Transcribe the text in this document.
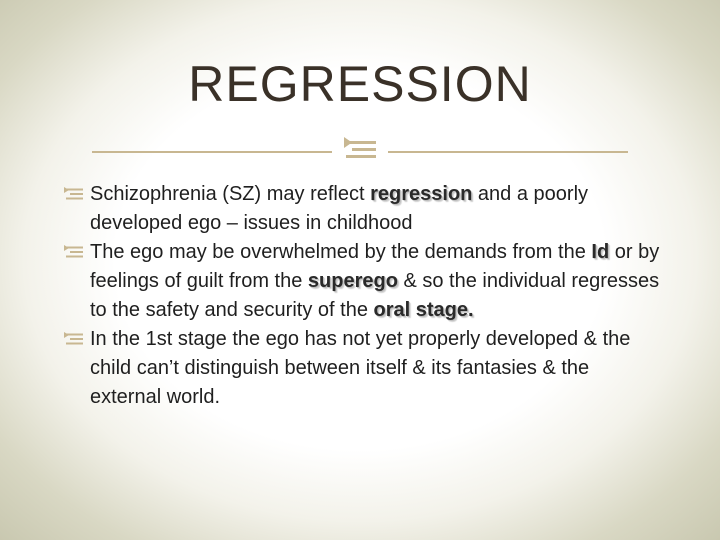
REGRESSION
Schizophrenia (SZ) may reflect regression and a poorly developed ego – issues in childhood
The ego may be overwhelmed by the demands from the Id or by feelings of guilt from the superego & so the individual regresses to the safety and security of the oral stage.
In the 1st stage the ego has not yet properly developed & the child can’t distinguish between itself & its fantasies & the external world.
